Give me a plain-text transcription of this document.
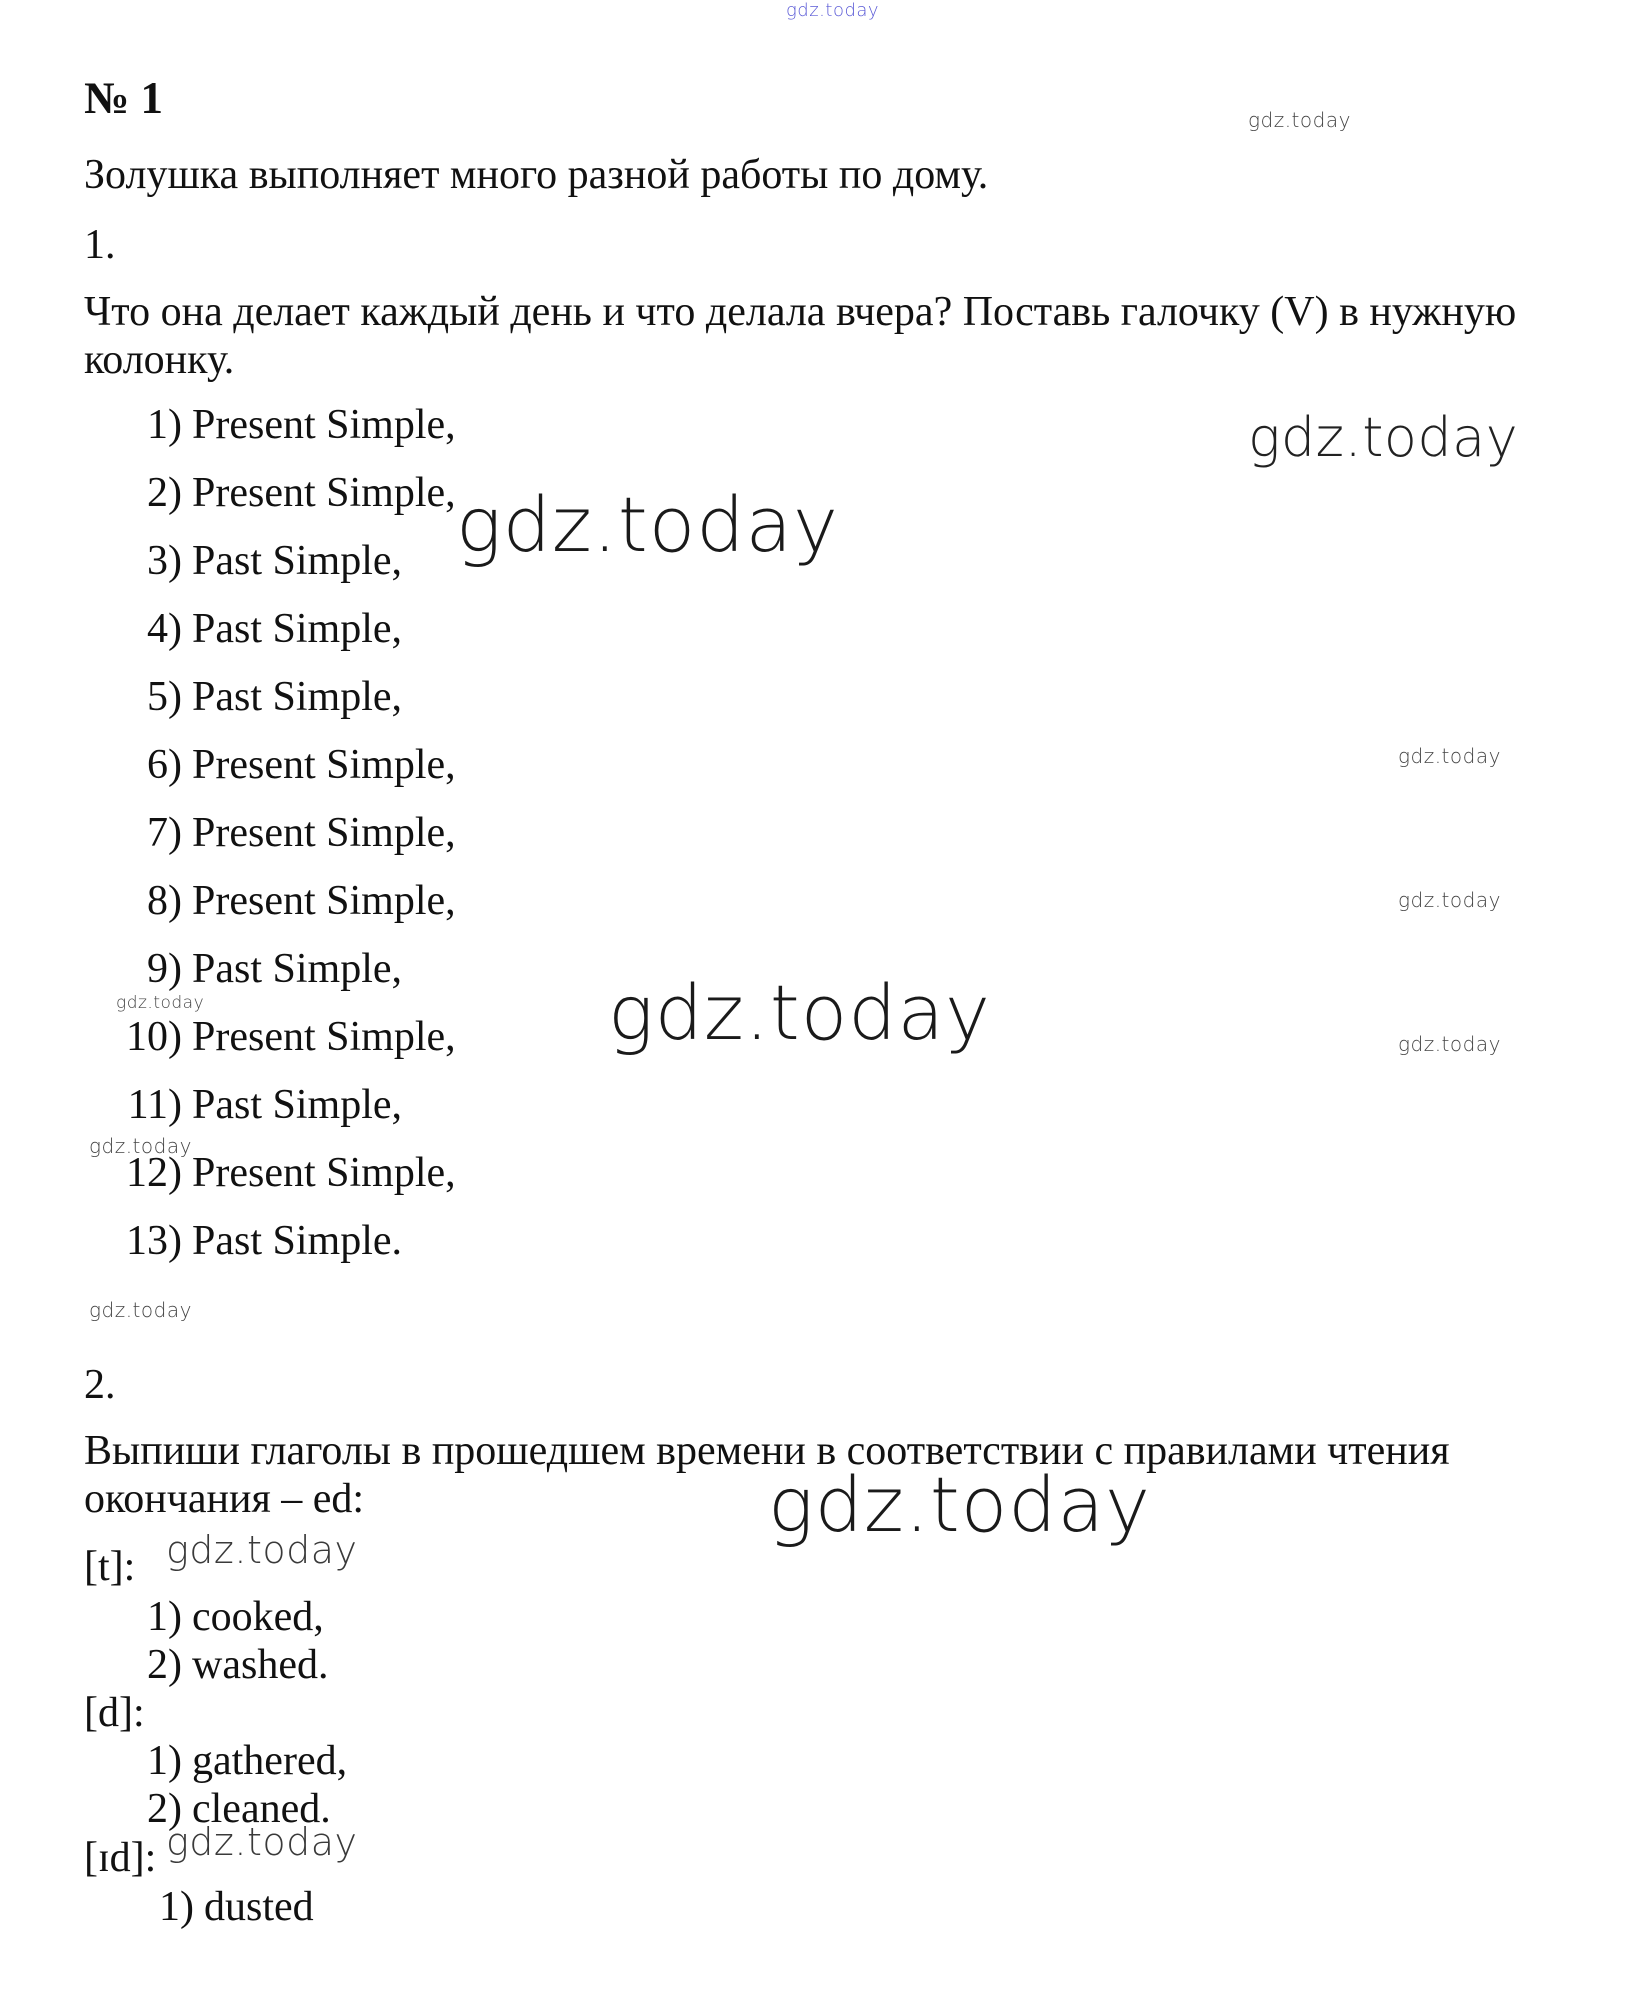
№ 1
Золушка выполняет много разной работы по дому.
1.
Что она делает каждый день и что делала вчера? Поставь галочку (V) в нужную колонку.
1) Present Simple,
2) Present Simple,
3) Past Simple,
4) Past Simple,
5) Past Simple,
6) Present Simple,
7) Present Simple,
8) Present Simple,
9) Past Simple,
10) Present Simple,
11) Past Simple,
12) Present Simple,
13) Past Simple.
2.
Выпиши глаголы в прошедшем времени в соответствии с правилами чтения окончания – ed:
[t]:
1) cooked,
2) washed.
[d]:
1) gathered,
2) cleaned.
[ɪd]:
1) dusted
gdz.today
gdz.today
gdz.today
gdz.today
gdz.today
gdz.today
gdz.today
gdz.today
gdz.today
gdz.today
gdz.today
gdz.today
gdz.today
gdz.today
